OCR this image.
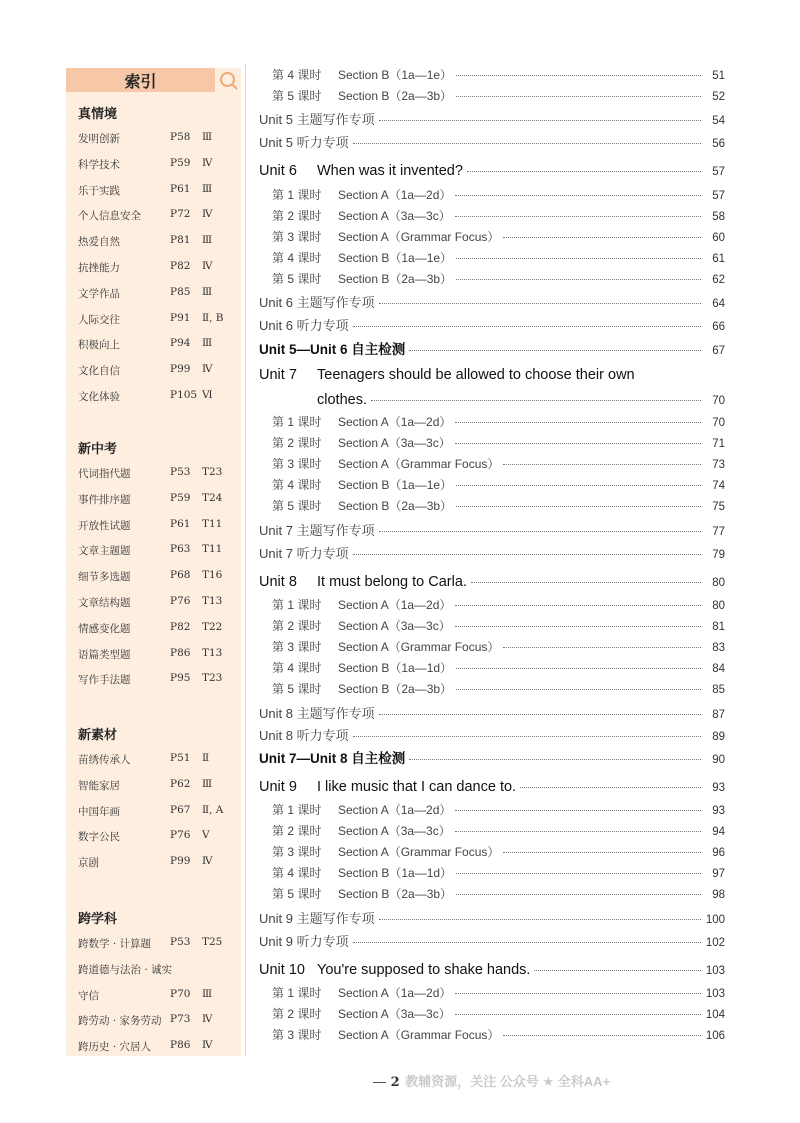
索引
真情境
发明创新	P58 Ⅲ
科学技术	P59 Ⅳ
乐于实践	P61 Ⅲ
个人信息安全	P72 Ⅳ
热爱自然	P81 Ⅲ
抗挫能力	P82 Ⅳ
文学作品	P85 Ⅲ
人际交往	P91 Ⅱ, B
积极向上	P94 Ⅲ
文化自信	P99 Ⅳ
文化体验	P105 Ⅵ
新中考
代词指代题	P53 T23
事件排序题	P59 T24
开放性试题	P61 T11
文章主题题	P63 T11
细节多选题	P68 T16
文章结构题	P76 T13
情感变化题	P82 T22
语篇类型题	P86 T13
写作手法题	P95 T23
新素材
苗绣传承人	P51 Ⅱ
智能家居	P62 Ⅲ
中国年画	P67 Ⅱ, A
数字公民	P76 Ⅴ
京剧	P99 Ⅳ
跨学科
跨数学 · 计算题 P53 T25
跨道德与法治 · 诚实
守信	P70 Ⅲ
跨劳动 · 家务劳动 P73 Ⅳ
跨历史 · 穴居人 P86 Ⅳ
第 4 课时	Section B（1a—1e）	51
第 5 课时	Section B（2a—3b）	52
Unit 5 主题写作专项	54
Unit 5 听力专项	56
Unit 6	When was it invented?	57
第 1 课时	Section A（1a—2d）	57
第 2 课时	Section A（3a—3c）	58
第 3 课时	Section A（Grammar Focus）	60
第 4 课时	Section B（1a—1e）	61
第 5 课时	Section B（2a—3b）	62
Unit 6 主题写作专项	64
Unit 6 听力专项	66
Unit 5—Unit 6 自主检测	67
Unit 7 Teenagers should be allowed to choose their own
clothes.	70
第 1 课时	Section A（1a—2d）	70
第 2 课时	Section A（3a—3c）	71
第 3 课时	Section A（Grammar Focus）	73
第 4 课时	Section B（1a—1e）	74
第 5 课时	Section B（2a—3b）	75
Unit 7 主题写作专项	77
Unit 7 听力专项	79
Unit 8	It must belong to Carla.	80
第 1 课时	Section A（1a—2d）	80
第 2 课时	Section A（3a—3c）	81
第 3 课时	Section A（Grammar Focus）	83
第 4 课时	Section B（1a—1d）	84
第 5 课时	Section B（2a—3b）	85
Unit 8 主题写作专项	87
Unit 8 听力专项	89
Unit 7—Unit 8 自主检测	90
Unit 9	I like music that I can dance to.	93
第 1 课时	Section A（1a—2d）	93
第 2 课时	Section A（3a—3c）	94
第 3 课时	Section A（Grammar Focus）	96
第 4 课时	Section B（1a—1d）	97
第 5 课时	Section B（2a—3b）	98
Unit 9 主题写作专项	100
Unit 9 听力专项	102
Unit 10 You're supposed to shake hands.	103
第 1 课时	Section A（1a—2d）	103
第 2 课时	Section A（3a—3c）	104
第 3 课时	Section A（Grammar Focus）	106
— 2 教辅资源，关注 公众号 ★ 全科AA+
